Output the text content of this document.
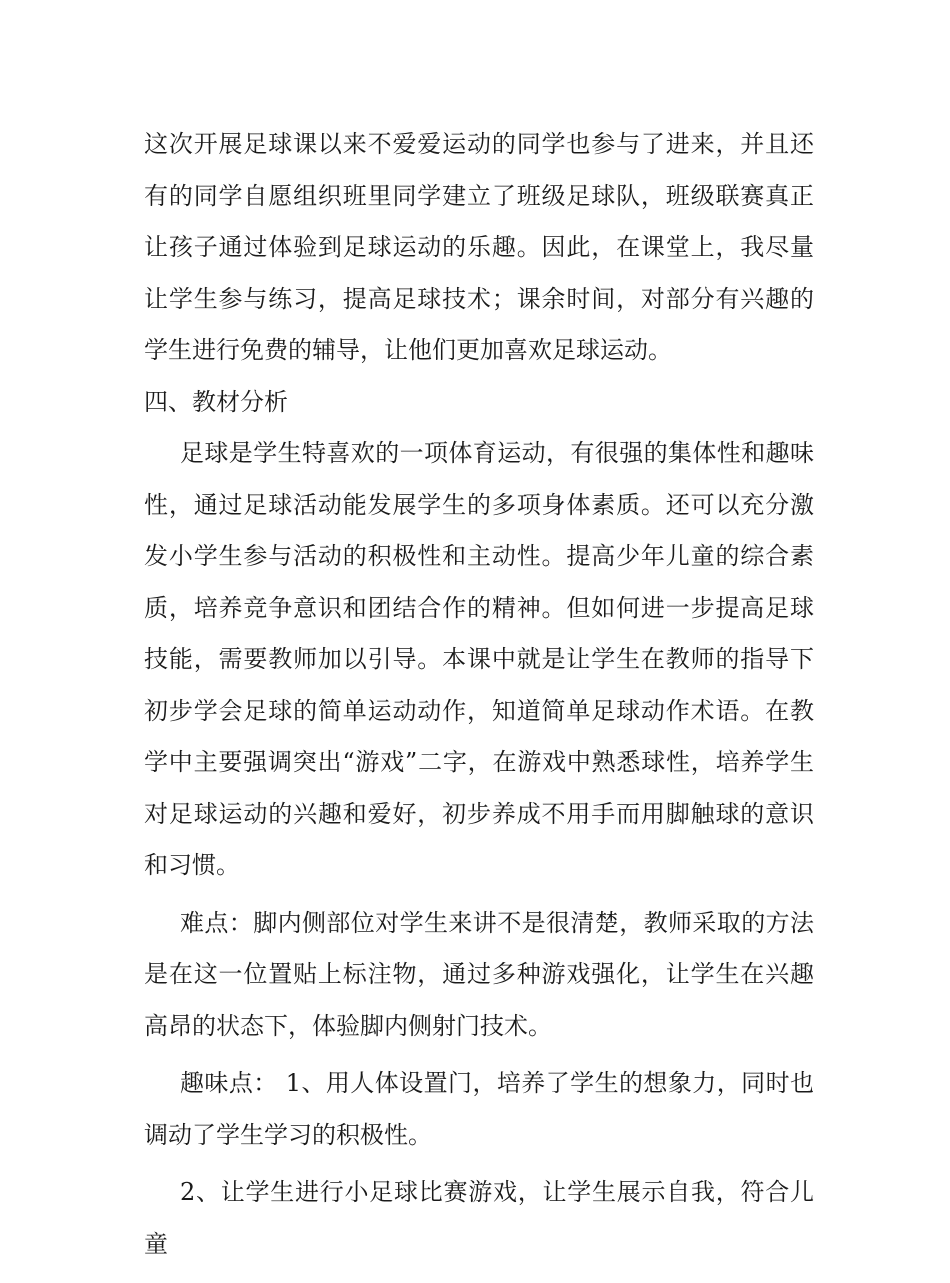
这次开展足球课以来不爱爱运动的同学也参与了进来，并且还有的同学自愿组织班里同学建立了班级足球队，班级联赛真正让孩子通过体验到足球运动的乐趣。因此，在课堂上，我尽量让学生参与练习，提高足球技术；课余时间，对部分有兴趣的学生进行免费的辅导，让他们更加喜欢足球运动。

四、教材分析

足球是学生特喜欢的一项体育运动，有很强的集体性和趣味性，通过足球活动能发展学生的多项身体素质。还可以充分激发小学生参与活动的积极性和主动性。提高少年儿童的综合素质，培养竞争意识和团结合作的精神。但如何进一步提高足球技能，需要教师加以引导。本课中就是让学生在教师的指导下初步学会足球的简单运动动作，知道简单足球动作术语。在教学中主要强调突出“游戏”二字，在游戏中熟悉球性，培养学生对足球运动的兴趣和爱好，初步养成不用手而用脚触球的意识和习惯。

难点：脚内侧部位对学生来讲不是很清楚，教师采取的方法是在这一位置贴上标注物，通过多种游戏强化，让学生在兴趣高昂的状态下，体验脚内侧射门技术。

趣味点： 1、用人体设置门，培养了学生的想象力，同时也调动了学生学习的积极性。

2、让学生进行小足球比赛游戏，让学生展示自我，符合儿童
